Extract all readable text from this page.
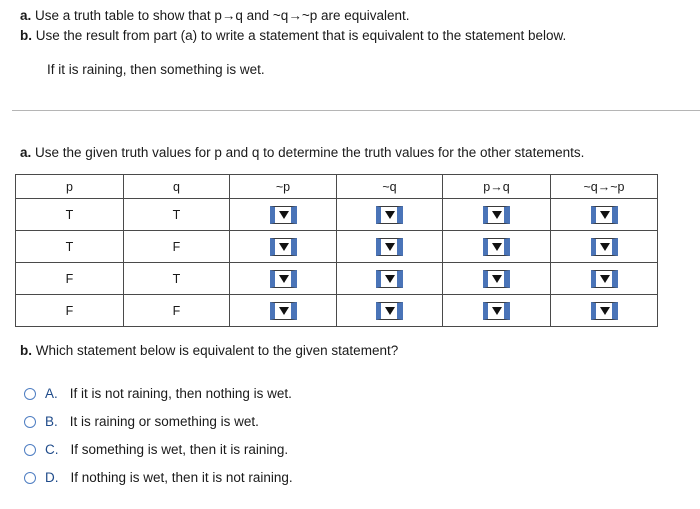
a. Use a truth table to show that p→q and ~q→~p are equivalent.
b. Use the result from part (a) to write a statement that is equivalent to the statement below.
If it is raining, then something is wet.
a. Use the given truth values for p and q to determine the truth values for the other statements.
p	q	~p	~q	p→q	~q→~p
T	T				
T	F				
F	T				
F	F				
b. Which statement below is equivalent to the given statement?
A. If it is not raining, then nothing is wet.
B. It is raining or something is wet.
C. If something is wet, then it is raining.
D. If nothing is wet, then it is not raining.
